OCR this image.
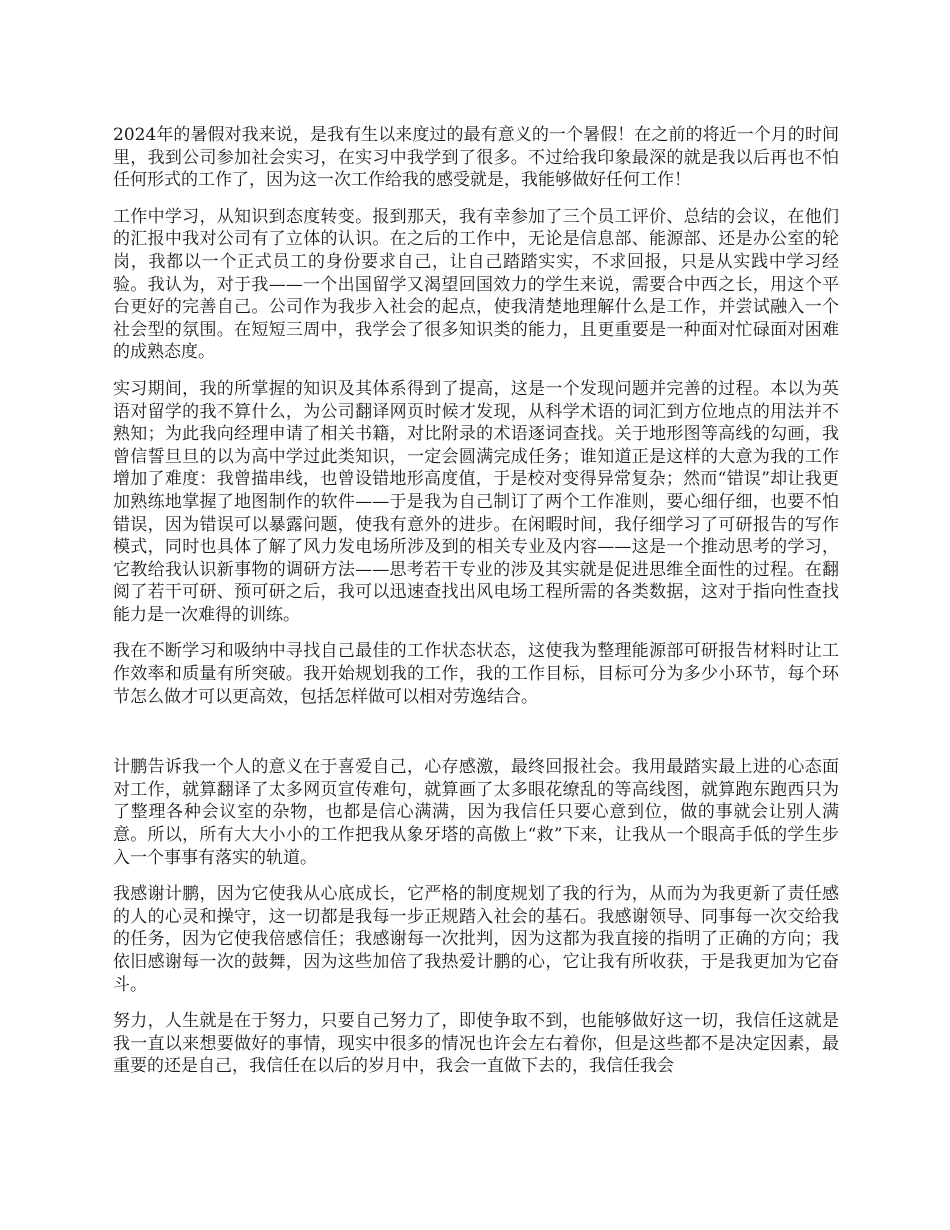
2024年的暑假对我来说，是我有生以来度过的最有意义的一个暑假！在之前的将近一个月的时间里，我到公司参加社会实习，在实习中我学到了很多。不过给我印象最深的就是我以后再也不怕任何形式的工作了，因为这一次工作给我的感受就是，我能够做好任何工作！

工作中学习，从知识到态度转变。报到那天，我有幸参加了三个员工评价、总结的会议，在他们的汇报中我对公司有了立体的认识。在之后的工作中，无论是信息部、能源部、还是办公室的轮岗，我都以一个正式员工的身份要求自己，让自己踏踏实实，不求回报，只是从实践中学习经验。我认为，对于我——一个出国留学又渴望回国效力的学生来说，需要合中西之长，用这个平台更好的完善自己。公司作为我步入社会的起点，使我清楚地理解什么是工作，并尝试融入一个社会型的氛围。在短短三周中，我学会了很多知识类的能力，且更重要是一种面对忙碌面对困难的成熟态度。

实习期间，我的所掌握的知识及其体系得到了提高，这是一个发现问题并完善的过程。本以为英语对留学的我不算什么，为公司翻译网页时候才发现，从科学术语的词汇到方位地点的用法并不熟知；为此我向经理申请了相关书籍，对比附录的术语逐词查找。关于地形图等高线的勾画，我曾信誓旦旦的以为高中学过此类知识，一定会圆满完成任务；谁知道正是这样的大意为我的工作增加了难度：我曾描串线，也曾设错地形高度值，于是校对变得异常复杂；然而“错误”却让我更加熟练地掌握了地图制作的软件——于是我为自己制订了两个工作准则，要心细仔细，也要不怕错误，因为错误可以暴露问题，使我有意外的进步。在闲暇时间，我仔细学习了可研报告的写作模式，同时也具体了解了风力发电场所涉及到的相关专业及内容——这是一个推动思考的学习，它教给我认识新事物的调研方法——思考若干专业的涉及其实就是促进思维全面性的过程。在翻阅了若干可研、预可研之后，我可以迅速查找出风电场工程所需的各类数据，这对于指向性查找能力是一次难得的训练。

我在不断学习和吸纳中寻找自己最佳的工作状态状态，这使我为整理能源部可研报告材料时让工作效率和质量有所突破。我开始规划我的工作，我的工作目标，目标可分为多少小环节，每个环节怎么做才可以更高效，包括怎样做可以相对劳逸结合。

计鹏告诉我一个人的意义在于喜爱自己，心存感激，最终回报社会。我用最踏实最上进的心态面对工作，就算翻译了太多网页宣传难句，就算画了太多眼花缭乱的等高线图，就算跑东跑西只为了整理各种会议室的杂物，也都是信心满满，因为我信任只要心意到位，做的事就会让别人满意。所以，所有大大小小的工作把我从象牙塔的高傲上“救”下来，让我从一个眼高手低的学生步入一个事事有落实的轨道。

我感谢计鹏，因为它使我从心底成长，它严格的制度规划了我的行为，从而为为我更新了责任感的人的心灵和操守，这一切都是我每一步正规踏入社会的基石。我感谢领导、同事每一次交给我的任务，因为它使我倍感信任；我感谢每一次批判，因为这都为我直接的指明了正确的方向；我依旧感谢每一次的鼓舞，因为这些加倍了我热爱计鹏的心，它让我有所收获，于是我更加为它奋斗。

努力，人生就是在于努力，只要自己努力了，即使争取不到，也能够做好这一切，我信任这就是我一直以来想要做好的事情，现实中很多的情况也许会左右着你，但是这些都不是决定因素，最重要的还是自己，我信任在以后的岁月中，我会一直做下去的，我信任我会
